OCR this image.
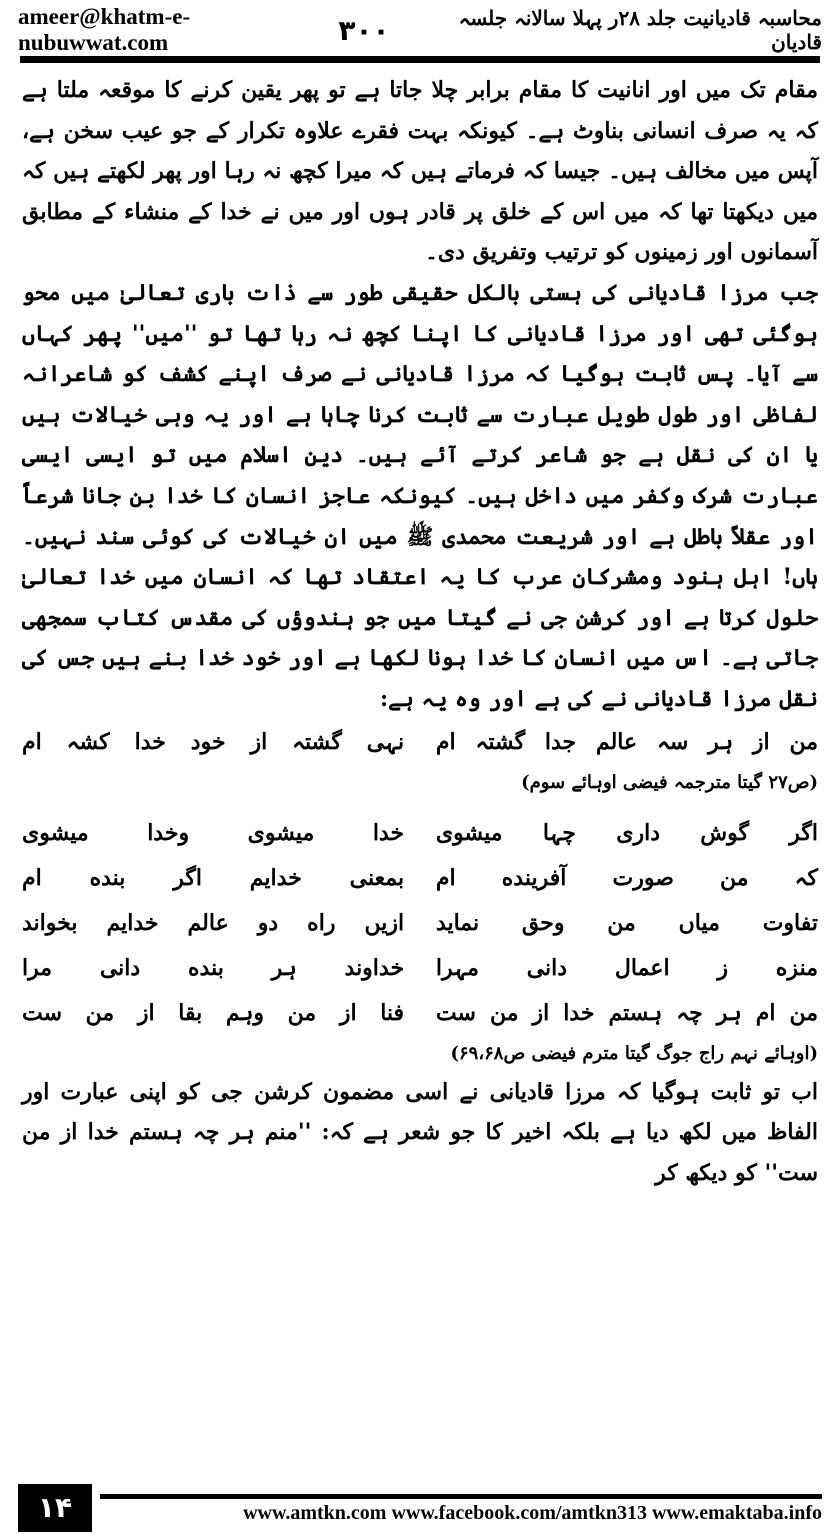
ameer@khatm-e-nubuwwat.com
محاسبہ قادیانیت جلد ۲۸ر پہلا سالانہ جلسہ قادیان
۳۰۰

مقام تک میں اور انانیت کا مقام برابر چلا جاتا ہے تو پھر یقین کرنے کا موقعہ ملتا ہے کہ یہ صرف انسانی بناوٹ ہے۔ کیونکہ بہت فقرے علاوہ تکرار کے جو عیب سخن ہے، آپس میں مخالف ہیں۔ جیسا کہ فرماتے ہیں کہ میرا کچھ نہ رہا اور پھر لکھتے ہیں کہ میں دیکھتا تھا کہ میں اس کے خلق پر قادر ہوں اور میں نے خدا کے منشاء کے مطابق آسمانوں اور زمینوں کو ترتیب وتفریق دی۔

جب مرزا قادیانی کی ہستی بالکل حقیقی طور سے ذات باری تعالیٰ میں محو ہوگئی تھی اور مرزا قادیانی کا اپنا کچھ نہ رہا تھا تو ''میں'' پھر کہاں سے آیا۔ پس ثابت ہوگیا کہ مرزا قادیانی نے صرف اپنے کشف کو شاعرانہ لفاظی اور طول طویل عبارت سے ثابت کرنا چاہا ہے اور یہ وہی خیالات ہیں یا ان کی نقل ہے جو شاعر کرتے آئے ہیں۔ دین اسلام میں تو ایسی ایسی عبارت شرک وکفر میں داخل ہیں۔ کیونکہ عاجز انسان کا خدا بن جانا شرعاً اور عقلاً باطل ہے اور شریعت محمدی ﷺ میں ان خیالات کی کوئی سند نہیں۔ ہاں! اہل ہنود ومشرکان عرب کا یہ اعتقاد تھا کہ انسان میں خدا تعالیٰ حلول کرتا ہے اور کرشن جی نے گیتا میں جو ہندوؤں کی مقدس کتاب سمجھی جاتی ہے۔ اس میں انسان کا خدا ہونا لکھا ہے اور خود خدا بنے ہیں جس کی نقل مرزا قادیانی نے کی ہے اور وہ یہ ہے:

من از ہر سہ عالم جدا گشتہ ام
نہی گشتہ از خود خدا کشہ ام
(ص۲۷ گیتا مترجمہ فیضی اوہائے سوم)
اگر گوش داری چہا میشوی
خدا میشوی وخدا میشوی
کہ من صورت آفرینده ام
بمعنی خدایم اگر بنده ام
تفاوت میاں من وحق نماید
ازیں راه دو عالم خدایم بخواند
منزه ز اعمال دانی مہرا
خداوند ہر بنده دانی مرا
من ام ہر چہ ہستم خدا از من ست
فنا از من وہم بقا از من ست
(اوہائے نہم راج جوگ گیتا مترم فیضی ص۶۹،۶۸)

اب تو ثابت ہوگیا کہ مرزا قادیانی نے اسی مضمون کرشن جی کو اپنی عبارت اور الفاظ میں لکھ دیا ہے بلکہ اخیر کا جو شعر ہے کہ: ''منم ہر چہ ہستم خدا از من ست'' کو دیکھ کر

۱۴	www.amtkn.com www.facebook.com/amtkn313 www.emaktaba.info
